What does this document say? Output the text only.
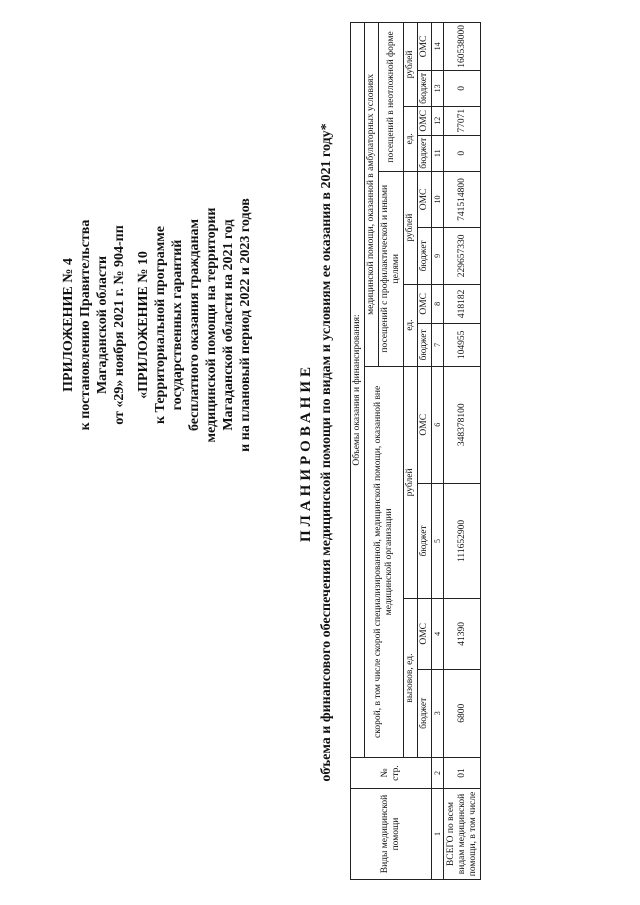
ПРИЛОЖЕНИЕ № 4 к постановлению Правительства Магаданской области от «29» ноября 2021 г. № 904-пп «ПРИЛОЖЕНИЕ № 10 к Территориальной программе государственных гарантий бесплатного оказания гражданам медицинской помощи на территории Магаданской области на 2021 год и на плановый период 2022 и 2023 годов
ПЛАНИРОВАНИЕ объема и финансового обеспечения медицинской помощи по видам и условиям ее оказания в 2021 году*
Виды медицинской помощи	№ стр.	Объемы оказания и финансирования:											
		скорой, в том числе скорой специализированной, медицинской помощи, оказанной вне медицинской организации				медицинской помощи, оказанной в амбулаторных условиях							
						посещений с профилактической и иными целями				посещений в неотложной форме			
		вызовов, ед.		рублей		ед.		рублей		ед.		рублей	
		бюджет	ОМС	бюджет	ОМС	бюджет	ОМС	бюджет	ОМС	бюджет	ОМС	бюджет	ОМС
1	2	3	4	5	6	7	8	9	10	11	12	13	14
ВСЕГО по всем видам медицинской помощи, в том числе	01	6800	41390	111652900	348378100	104955	418182	229657330	741514800	0	77071	0	160538000
